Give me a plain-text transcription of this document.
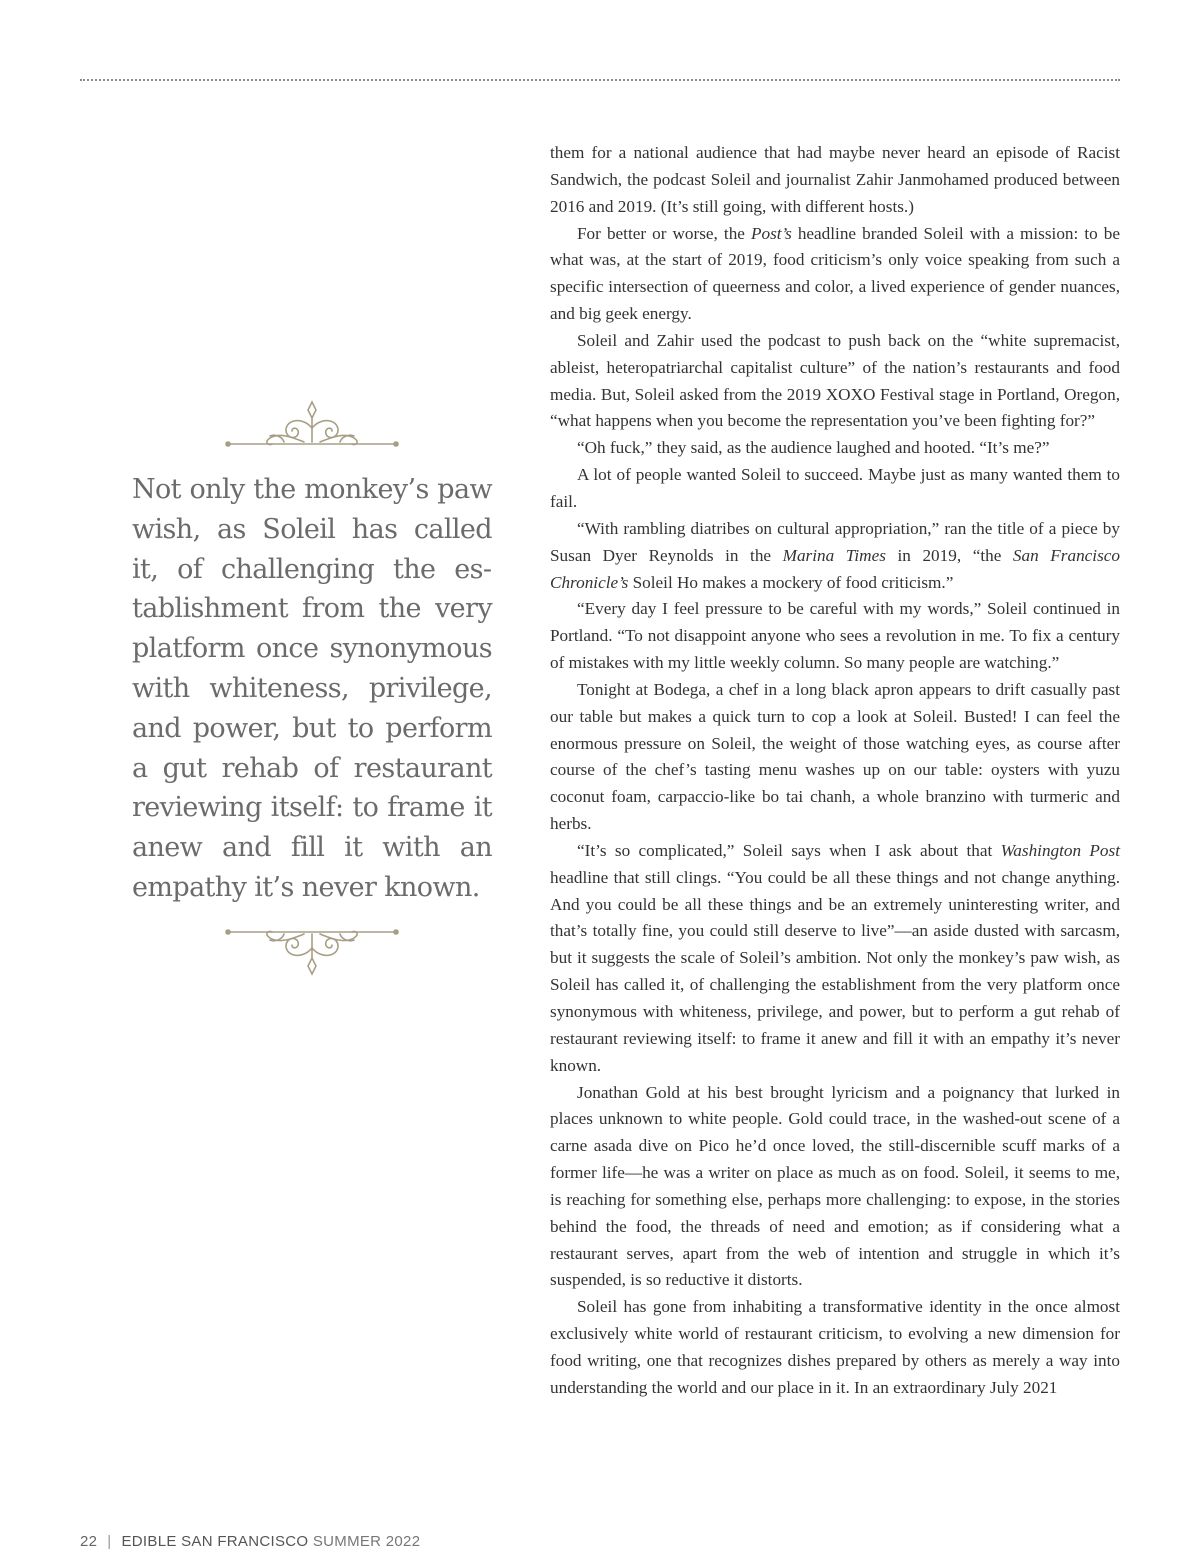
Not only the monkey’s paw wish, as Soleil has called it, of challenging the establishment from the very platform once synonymous with whiteness, privilege, and power, but to perform a gut rehab of restaurant reviewing itself: to frame it anew and fill it with an empathy it’s never known.

them for a national audience that had maybe never heard an episode of Racist Sandwich, the podcast Soleil and journalist Zahir Janmohamed produced between 2016 and 2019. (It’s still going, with different hosts.)

For better or worse, the Post’s headline branded Soleil with a mission: to be what was, at the start of 2019, food criticism’s only voice speaking from such a specific intersection of queerness and color, a lived experience of gender nuances, and big geek energy.

Soleil and Zahir used the podcast to push back on the “white supremacist, ableist, heteropatriarchal capitalist culture” of the nation’s restaurants and food media. But, Soleil asked from the 2019 XOXO Festival stage in Portland, Oregon, “what happens when you become the representation you’ve been fighting for?”

“Oh fuck,” they said, as the audience laughed and hooted. “It’s me?”

A lot of people wanted Soleil to succeed. Maybe just as many wanted them to fail.

“With rambling diatribes on cultural appropriation,” ran the title of a piece by Susan Dyer Reynolds in the Marina Times in 2019, “the San Francisco Chronicle’s Soleil Ho makes a mockery of food criticism.”

“Every day I feel pressure to be careful with my words,” Soleil continued in Portland. “To not disappoint anyone who sees a revolution in me. To fix a century of mistakes with my little weekly column. So many people are watching.”

Tonight at Bodega, a chef in a long black apron appears to drift casually past our table but makes a quick turn to cop a look at Soleil. Busted! I can feel the enormous pressure on Soleil, the weight of those watching eyes, as course after course of the chef’s tasting menu washes up on our table: oysters with yuzu coconut foam, carpaccio-like bo tai chanh, a whole branzino with turmeric and herbs.

“It’s so complicated,” Soleil says when I ask about that Washington Post headline that still clings. “You could be all these things and not change anything. And you could be all these things and be an extremely uninteresting writer, and that’s totally fine, you could still deserve to live”—an aside dusted with sarcasm, but it suggests the scale of Soleil’s ambition. Not only the monkey’s paw wish, as Soleil has called it, of challenging the establishment from the very platform once synonymous with whiteness, privilege, and power, but to perform a gut rehab of restaurant reviewing itself: to frame it anew and fill it with an empathy it’s never known.

Jonathan Gold at his best brought lyricism and a poignancy that lurked in places unknown to white people. Gold could trace, in the washed-out scene of a carne asada dive on Pico he’d once loved, the still-discernible scuff marks of a former life—he was a writer on place as much as on food. Soleil, it seems to me, is reaching for something else, perhaps more challenging: to expose, in the stories behind the food, the threads of need and emotion; as if considering what a restaurant serves, apart from the web of intention and struggle in which it’s suspended, is so reductive it distorts.

Soleil has gone from inhabiting a transformative identity in the once almost exclusively white world of restaurant criticism, to evolving a new dimension for food writing, one that recognizes dishes prepared by others as merely a way into understanding the world and our place in it. In an extraordinary July 2021

22 | EDIBLE SAN FRANCISCO SUMMER 2022
